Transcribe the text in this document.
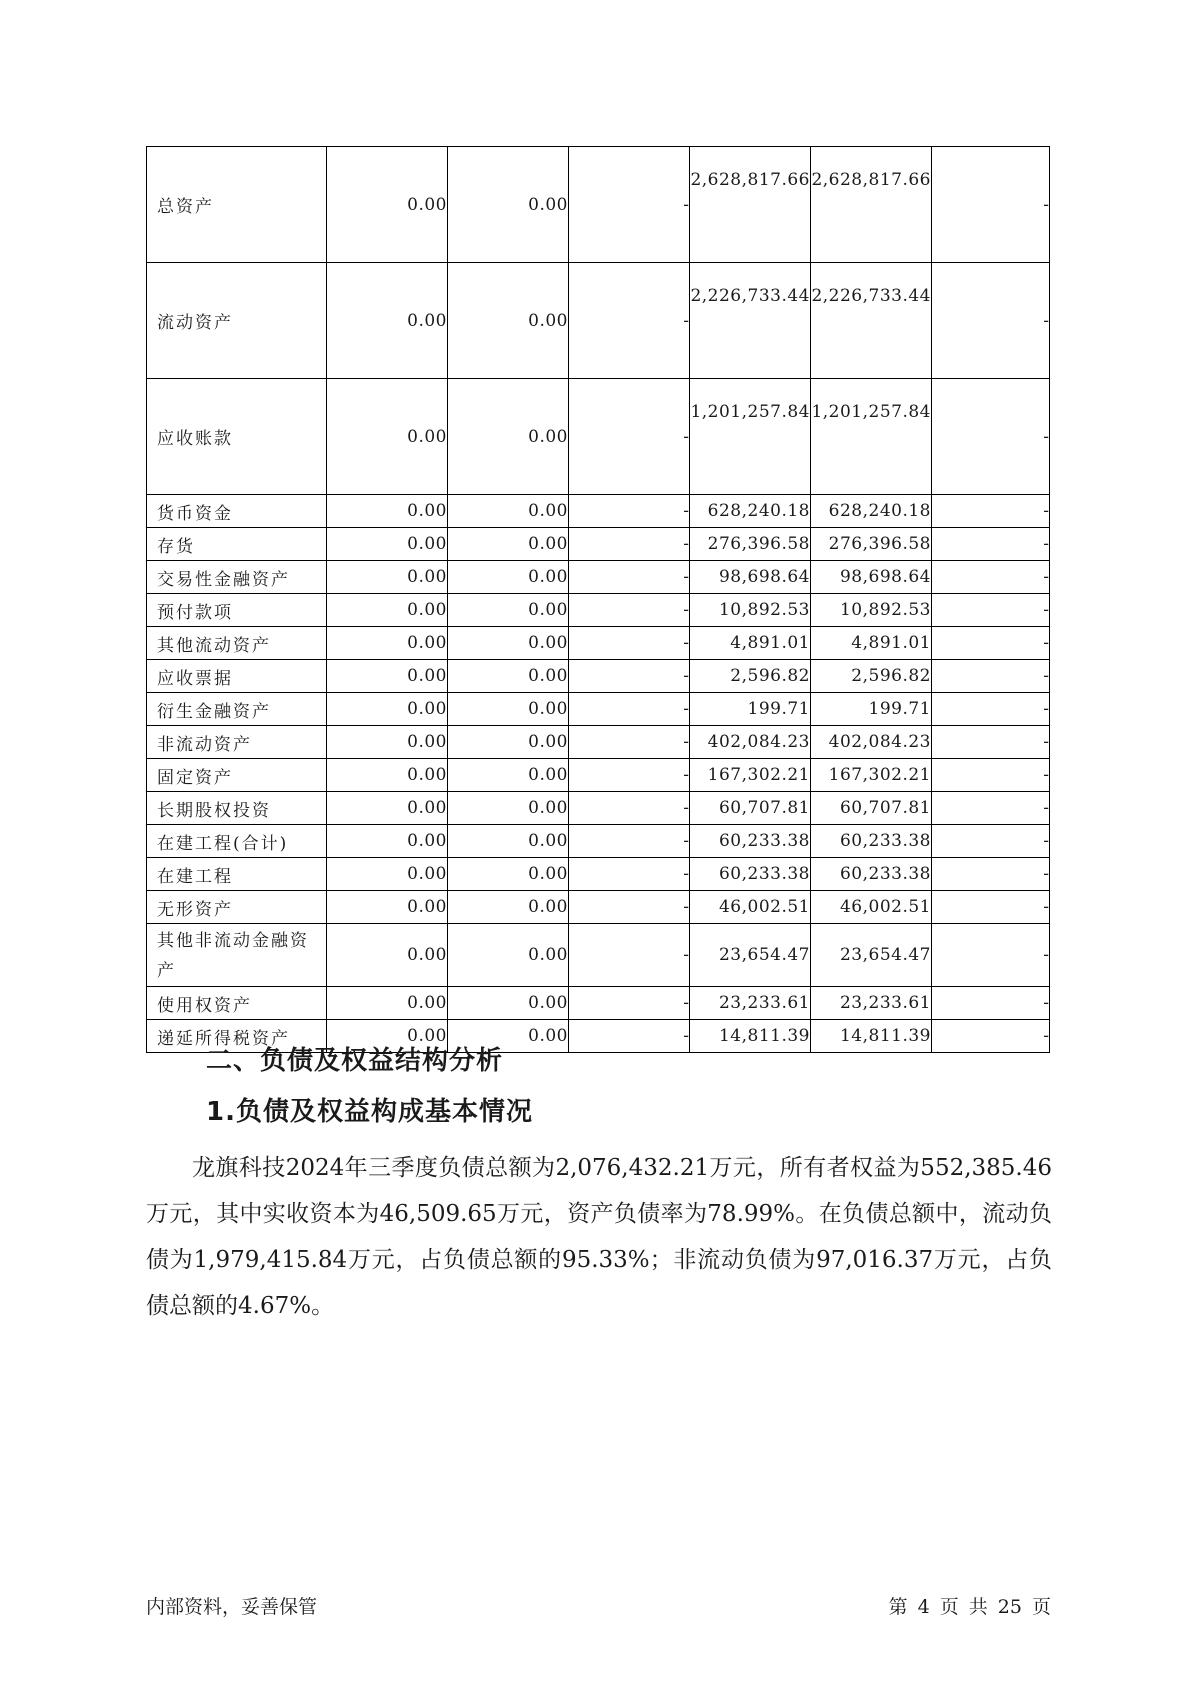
总资产	0.00	0.00	-	2,628,817.66	2,628,817.66	-
流动资产	0.00	0.00	-	2,226,733.44	2,226,733.44	-
应收账款	0.00	0.00	-	1,201,257.84	1,201,257.84	-
货币资金	0.00	0.00	-	628,240.18	628,240.18	-
存货	0.00	0.00	-	276,396.58	276,396.58	-
交易性金融资产	0.00	0.00	-	98,698.64	98,698.64	-
预付款项	0.00	0.00	-	10,892.53	10,892.53	-
其他流动资产	0.00	0.00	-	4,891.01	4,891.01	-
应收票据	0.00	0.00	-	2,596.82	2,596.82	-
衍生金融资产	0.00	0.00	-	199.71	199.71	-
非流动资产	0.00	0.00	-	402,084.23	402,084.23	-
固定资产	0.00	0.00	-	167,302.21	167,302.21	-
长期股权投资	0.00	0.00	-	60,707.81	60,707.81	-
在建工程(合计)	0.00	0.00	-	60,233.38	60,233.38	-
在建工程	0.00	0.00	-	60,233.38	60,233.38	-
无形资产	0.00	0.00	-	46,002.51	46,002.51	-
其他非流动金融资产	0.00	0.00	-	23,654.47	23,654.47	-
使用权资产	0.00	0.00	-	23,233.61	23,233.61	-
递延所得税资产	0.00	0.00	-	14,811.39	14,811.39	-
二、负债及权益结构分析
1.负债及权益构成基本情况

龙旗科技2024年三季度负债总额为2,076,432.21万元，所有者权益为552,385.46万元，其中实收资本为46,509.65万元，资产负债率为78.99%。在负债总额中，流动负债为1,979,415.84万元，占负债总额的95.33%；非流动负债为97,016.37万元，占负债总额的4.67%。

内部资料，妥善保管	第 4 页 共 25 页
